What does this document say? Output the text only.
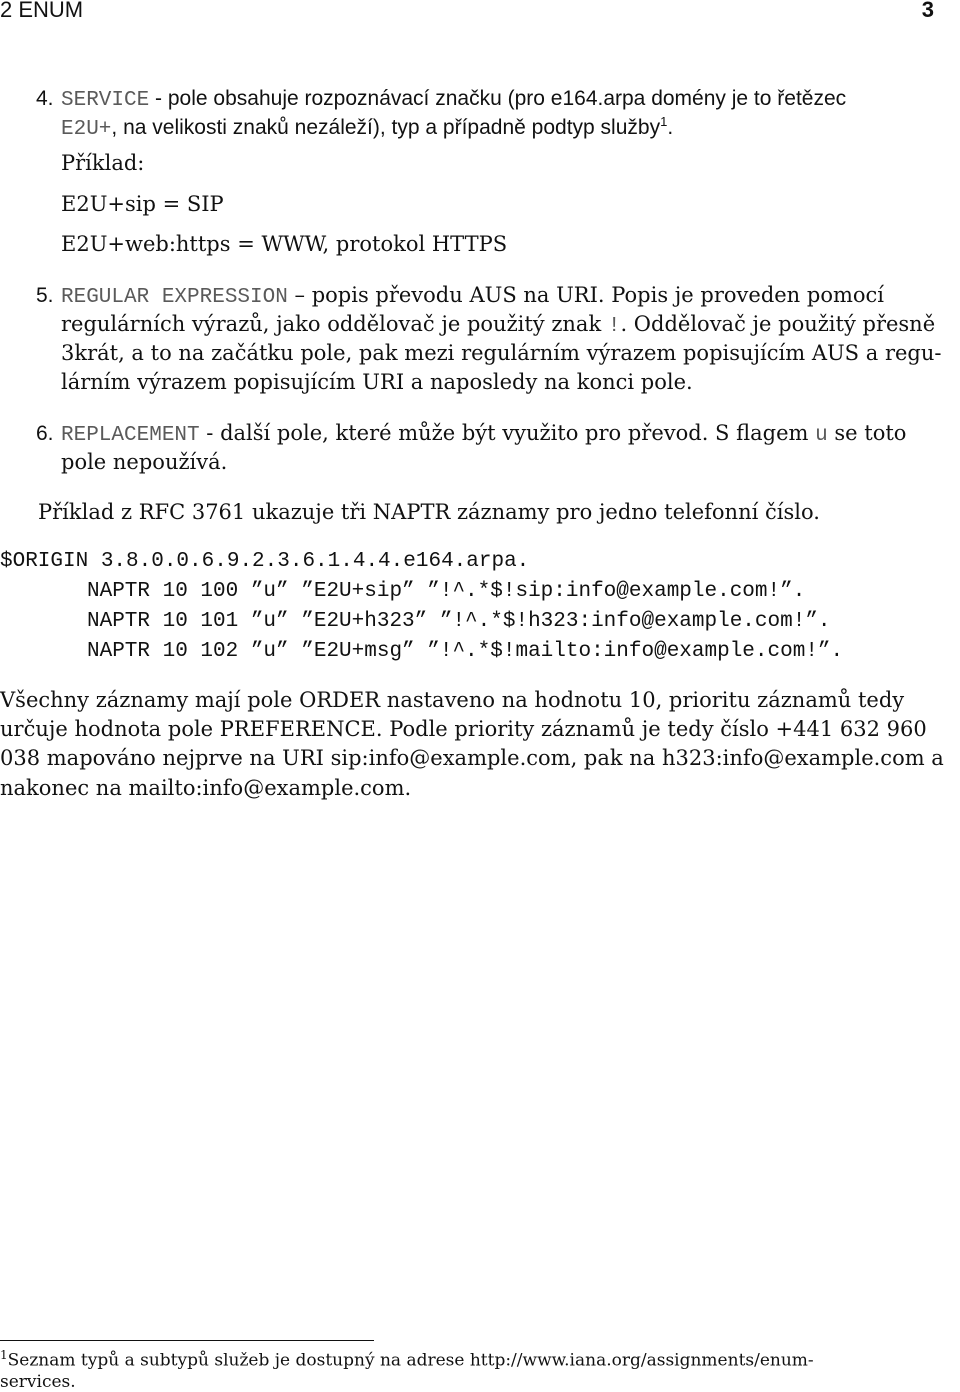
2 ENUM	3
4. SERVICE - pole obsahuje rozpoznávací značku (pro e164.arpa domény je to řetězec
E2U+, na velikosti znaků nezáleží), typ a případně podtyp služby$^1$.
Příklad:
E2U+sip = SIP
E2U+web:https = WWW, protokol HTTPS
5. REGULAR EXPRESSION – popis převodu AUS na URI. Popis je proveden pomocí
regulárních výrazů, jako oddělovač je použitý znak !. Oddělovač je použitý přesně
3krát, a to na začátku pole, pak mezi regulárním výrazem popisujícím AUS a regu-
lárním výrazem popisujícím URI a naposledy na konci pole.
6. REPLACEMENT - další pole, které může být využito pro převod. S flagem u se toto
pole nepoužívá.
Příklad z RFC 3761 ukazuje tři NAPTR záznamy pro jedno telefonní číslo.
$ORIGIN 3.8.0.0.6.9.2.3.6.1.4.4.e164.arpa.
NAPTR 10 100 ”u” ”E2U+sip” ”!^.*$!sip:info@example.com!”.
NAPTR 10 101 ”u” ”E2U+h323” ”!^.*$!h323:info@example.com!”.
NAPTR 10 102 ”u” ”E2U+msg” ”!^.*$!mailto:info@example.com!”.
Všechny záznamy mají pole ORDER nastaveno na hodnotu 10, prioritu záznamů tedy
určuje hodnota pole PREFERENCE. Podle priority záznamů je tedy číslo +441 632 960
038 mapováno nejprve na URI sip:info@example.com, pak na h323:info@example.com a
nakonec na mailto:info@example.com.
$^1$Seznam typů a subtypů služeb je dostupný na adrese http://www.iana.org/assignments/enum-
services.
